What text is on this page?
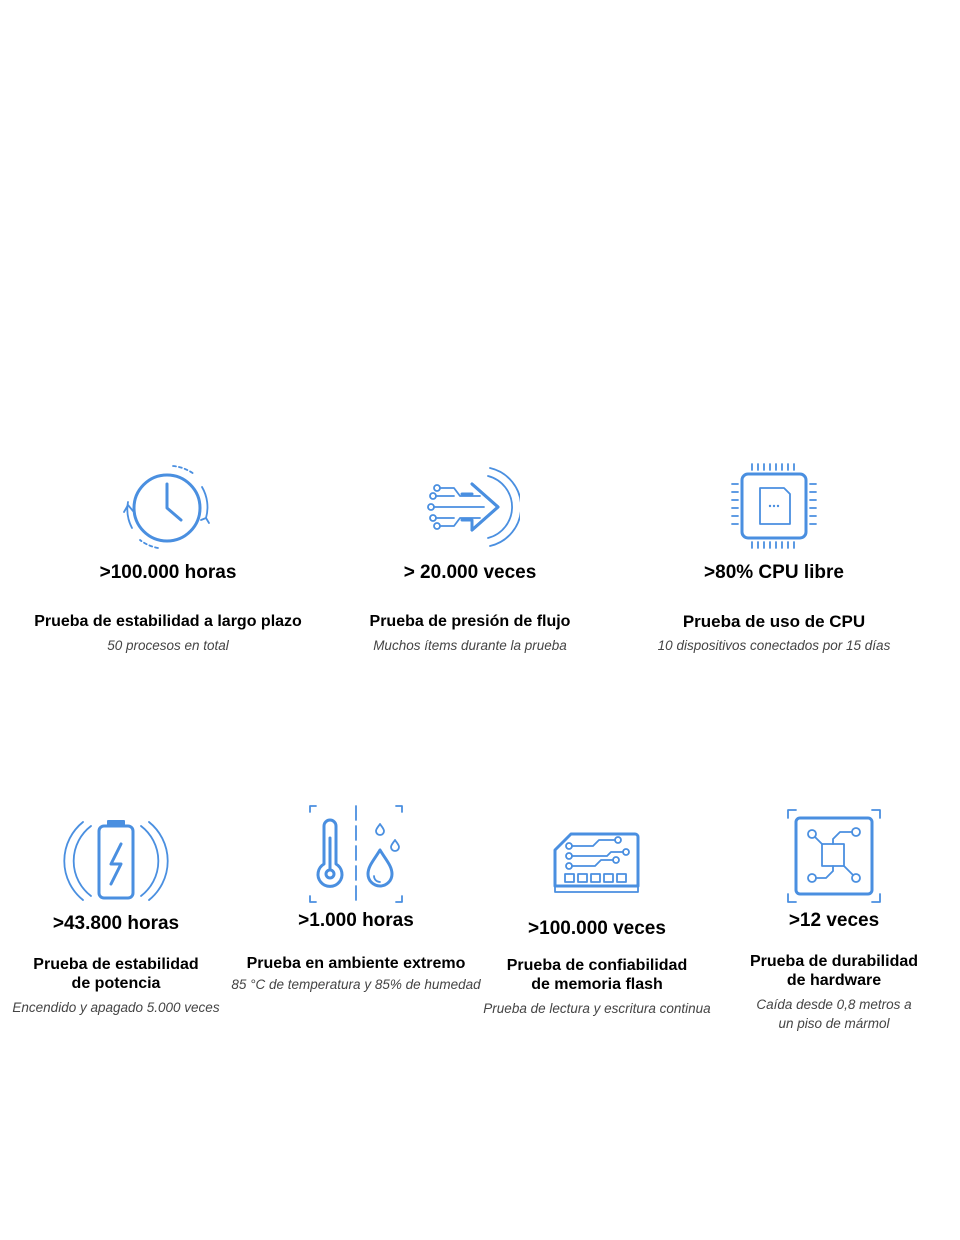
>100.000 horas
Prueba de estabilidad a largo plazo
50 procesos en total
> 20.000 veces
Prueba de presión de flujo
Muchos ítems durante la prueba
>80% CPU libre
Prueba de uso de CPU
10 dispositivos conectados por 15 días
>43.800 horas
Prueba de estabilidad
de potencia
Encendido y apagado 5.000 veces
>1.000 horas
Prueba en ambiente extremo
85 °C de temperatura y 85% de humedad
>100.000 veces
Prueba de confiabilidad
de memoria flash
Prueba de lectura y escritura continua
>12 veces
Prueba de durabilidad
de hardware
Caída desde 0,8 metros a
un piso de mármol
